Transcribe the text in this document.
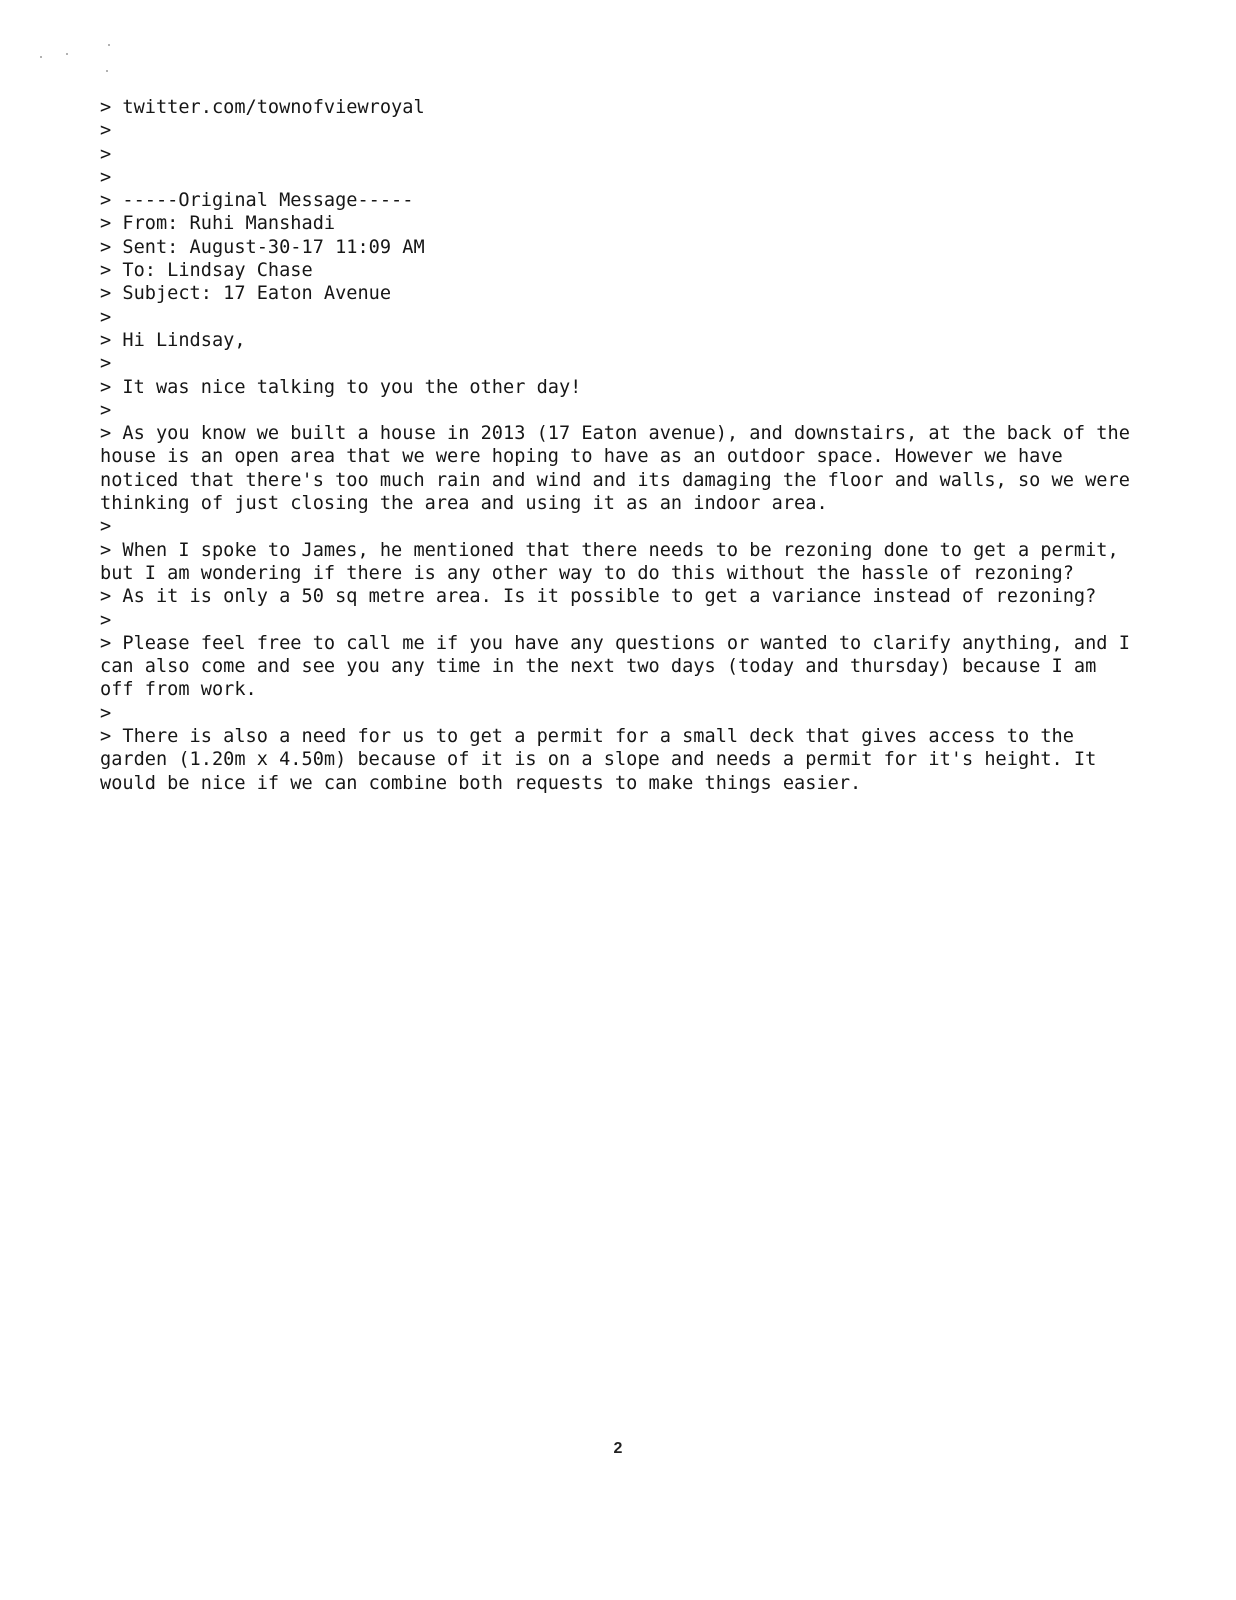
> twitter.com/townofviewroyal
>
>
>
> -----Original Message-----
> From: Ruhi Manshadi
> Sent: August-30-17 11:09 AM
> To: Lindsay Chase
> Subject: 17 Eaton Avenue
>
> Hi Lindsay,
>
> It was nice talking to you the other day!
>
> As you know we built a house in 2013 (17 Eaton avenue), and downstairs, at the back of the house is an open area that we were hoping to have as an outdoor space. However we have noticed that there's too much rain and wind and its damaging the floor and walls, so we were thinking of just closing the area and using it as an indoor area.
>
> When I spoke to James, he mentioned that there needs to be rezoning done to get a permit, but I am wondering if there is any other way to do this without the hassle of rezoning?
> As it is only a 50 sq metre area. Is it possible to get a variance instead of rezoning?
>
> Please feel free to call me if you have any questions or wanted to clarify anything, and I can also come and see you any time in the next two days (today and thursday) because I am off from work.
>
> There is also a need for us to get a permit for a small deck that gives access to the garden (1.20m x 4.50m) because of it is on a slope and needs a permit for it's height. It would be nice if we can combine both requests to make things easier.
2
